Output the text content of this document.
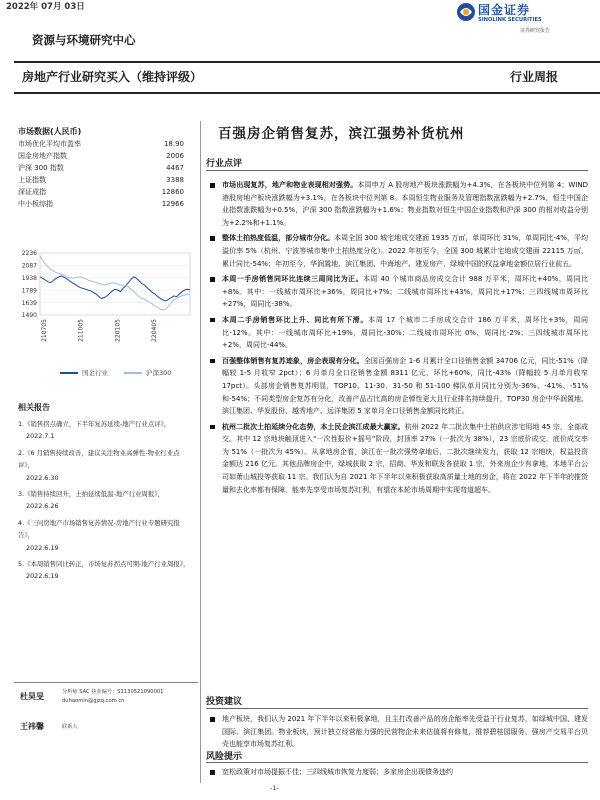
2022年 07月 03日	国金证券
SINOLINK SECURITIES
证券研究报告
资源与环境研究中心
房地产行业研究买入（维持评级）	行业周报
市场数据(人民币)
市场优化平均市盈率	18.90
国金房地产指数	2006
沪深 300 指数	4467
上证指数	3388
深证成指	12860
中小板综指	12966
2236
2087
1938
1789
1639
1490
210705	211005	220105	220405
国金行业	沪深300
相关报告
1.《销售拐点确立，下半年复苏延续-地产行业点评》，
2022.7.1
2.《6 月销售持续改善，建议关注物业高弹性-物业行业点评》，
2022.6.30
3.《销售持续回升，土拍延续低温-地产行业周报》，
2022.6.26
4.《三问房地产市场销售复苏情况-房地产行业专题研究报告》，
2022.6.19
5.《本周销售同比转正，市场复苏拐点可期-地产行业周报》，
2022.6.19
杜昊旻	分析师 SAC 执业编号：S1130521090001
duhaomin@gjzq.com.cn
王祎馨	联系人
百强房企销售复苏，滨江强势补货杭州
行业点评
市场出现复苏，地产和物业表现相对强势。本周申万 A 股房地产板块涨跌幅为+4.3%，在各板块中位列第 4；WIND 港股房地产板块涨跌幅为+3.1%，在各板块中位列第 8。本周恒生物业服务及管理指数涨跌幅为+2.7%，恒生中国企业指数涨跌幅为+0.5%，沪深 300 指数涨跌幅为+1.6%；物业指数对恒生中国企业指数和沪深 300 的相对收益分别为+2.2%和+1.1%。
整体土拍热度低温，部分城市分化。本周全国 300 城宅地成交建面 1935 万㎡，单周环比 31%，单周同比-4%，平均溢价率 5%（杭州、宁波等城市集中土拍热度分化）。2022 年初至今，全国 300 城累计宅地成交建面 22115 万㎡，累计同比-54%；年初至今，华润置地、滨江集团、中海地产、建发房产、绿城中国的权益拿地金额位居行业前五。
本周一手房销售同环比连续三周同比为正。本周 40 个城市商品房成交合计 988 万平米，周环比+40%，周同比+8%。其中：一线城市周环比+36%，周同比+7%；二线城市周环比+43%，周同比+17%；三四线城市周环比+27%，周同比-38%。
本周二手房销售环比上升、同比有所下滑。本周 17 个城市二手房成交合计 186 万平米，周环比+3%，周同比-12%。其中：一线城市周环比+19%，周同比-30%；二线城市周环比 0%，周同比-2%；三四线城市周环比+2%，周同比-44%。
百强整体销售有复苏迹象，房企表现有分化。全国百强房企 1-6 月累计全口径销售金额 34706 亿元，同比-51%（降幅较 1-5 月收窄 2pct）；6 月单月全口径销售金额 8311 亿元，环比+60%，同比-43%（降幅较 5 月单月收窄 17pct）。头部房企销售复苏明显，TOP10、11-30、31-50 和 51-100 梯队单月同比分别为-36%、-41%、-51%和-54%；不同类型房企复苏有分化，改善产品占比高的房企弹性更大且行业排名持续提升，TOP30 房企中华润置地、滨江集团、华发股份、越秀地产、远洋集团 5 家单月全口径销售金额同比转正。
杭州二批次土拍延续分化态势，本土民企滨江成最大赢家。杭州 2022 年二批次集中土拍供应涉宅用地 45 宗，全部成交。其中 12 宗地块触顶进入“一次性报价+摇号”阶段，封顶率 27%（一批次为 38%），23 宗底价成交，底价成交率为 51%（一批次为 45%）。从拿地房企看，滨江在一批次强势拿地后，二批次继续发力，获取 12 宗地块，权益投资金额达 216 亿元。其他品牌房企中，绿城获取 2 宗，招商、华发和联发各获取 1 宗，外来房企少有拿地，本地平台公司如萧山城投等获取 11 宗。我们认为自 2021 年下半年以来积极获取高质量土地的房企，将在 2022 年下半年的推货量和去化率都有保障，能率先享受市场复苏红利，有望在本轮市场周期中实现弯道超车。
投资建议
地产板块，我们认为 2021 年下半年以来积极拿地，且主打改善产品的房企能率先受益于行业复苏，如绿城中国、建发国际、滨江集团。物业板块，预计独立经营能力强的民营物企未来估值将有修复，推荐碧桂园服务、强房产交易平台贝壳也能享市场复苏红利。
风险提示
宽松政策对市场提振不佳；三四线城市恢复力度弱；多家房企出现债务违约
-1-
